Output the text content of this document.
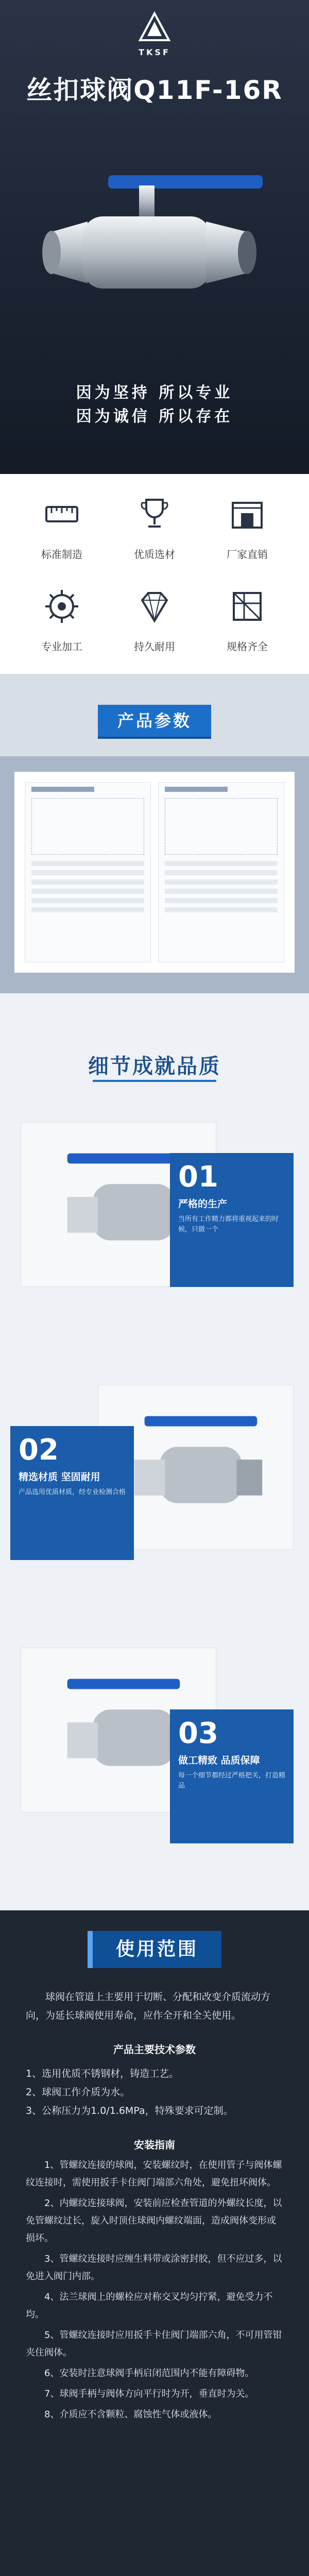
TKSF
丝扣球阀Q11F-16R
因为坚持 所以专业
因为诚信 所以存在
标准制造	优质选材	厂家直销
专业加工	持久耐用	规格齐全
产品参数
细节成就品质
01
严格的生产
当所有工作精力都将重视起来的时候，只做一个
02
精选材质 坚固耐用
产品选用优质材质，经专业检测合格
03
做工精致 品质保障
每一个细节都经过严格把关，打造精品
使用范围

球阀在管道上主要用于切断、分配和改变介质流动方向，为延长球阀使用寿命，应作全开和全关使用。

产品主要技术参数
1、选用优质不锈钢材，铸造工艺。
2、球阀工作介质为水。
3、公称压力为1.0/1.6MPa，特殊要求可定制。
安装指南

1、管螺纹连接的球阀，安装螺纹时，在使用管子与阀体螺纹连接时，需使用扳手卡住阀门端部六角处，避免扭坏阀体。

2、内螺纹连接球阀，安装前应检查管道的外螺纹长度，以免管螺纹过长，旋入时顶住球阀内螺纹端面，造成阀体变形或损坏。

3、管螺纹连接时应缠生料带或涂密封胶，但不应过多，以免进入阀门内部。

4、法兰球阀上的螺栓应对称交叉均匀拧紧，避免受力不均。

5、管螺纹连接时应用扳手卡住阀门端部六角，不可用管钳夹住阀体。

6、安装时注意球阀手柄启闭范围内不能有障碍物。

7、球阀手柄与阀体方向平行时为开，垂直时为关。

8、介质应不含颗粒、腐蚀性气体或液体。
